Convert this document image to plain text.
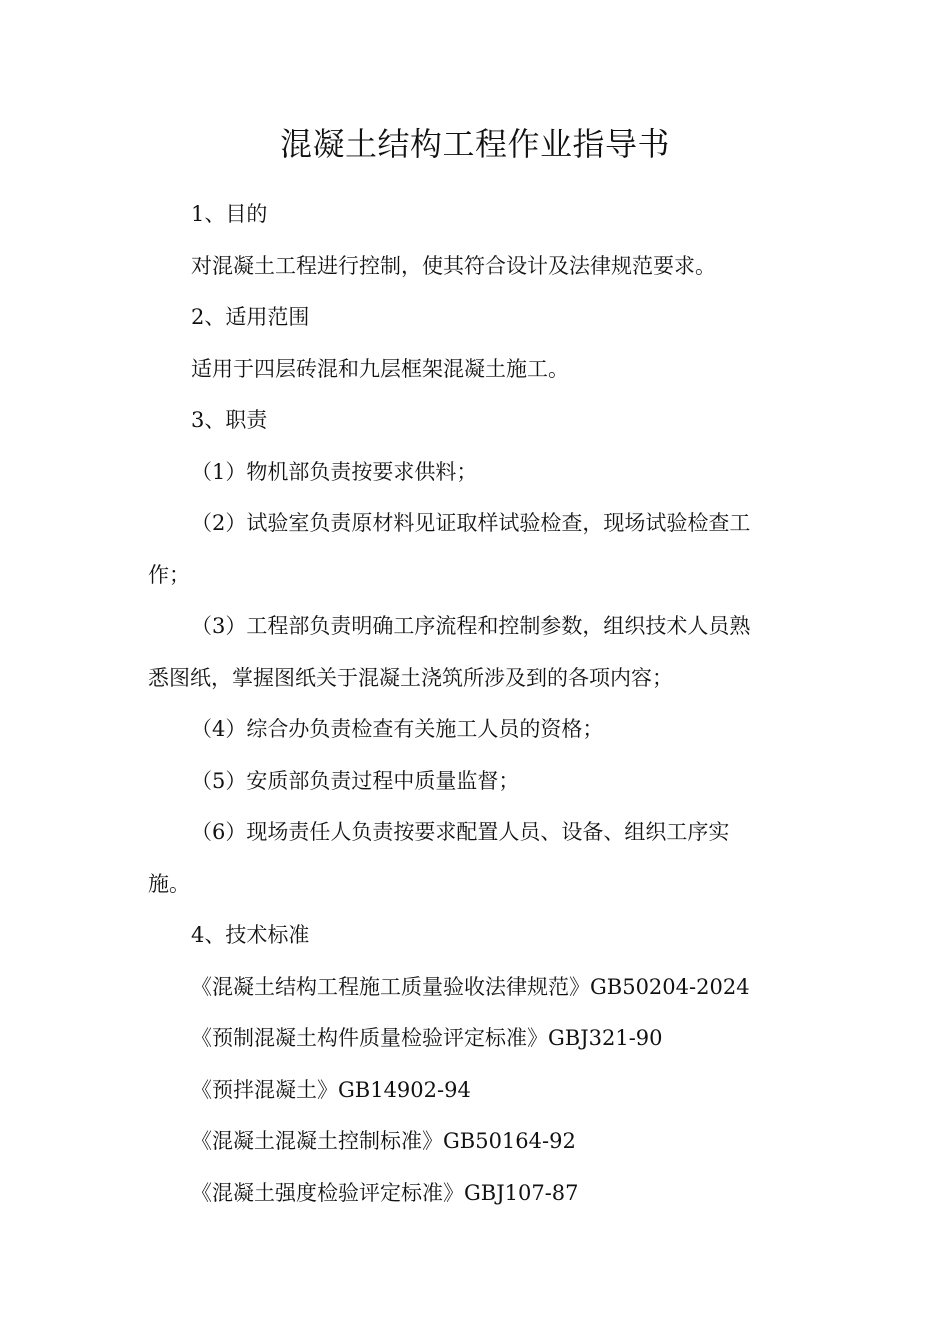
混凝土结构工程作业指导书

1、目的

对混凝土工程进行控制，使其符合设计及法律规范要求。

2、适用范围

适用于四层砖混和九层框架混凝土施工。

3、职责

（1）物机部负责按要求供料；

（2）试验室负责原材料见证取样试验检查，现场试验检查工

作；

（3）工程部负责明确工序流程和控制参数，组织技术人员熟

悉图纸，掌握图纸关于混凝土浇筑所涉及到的各项内容；

（4）综合办负责检查有关施工人员的资格；

（5）安质部负责过程中质量监督；

（6）现场责任人负责按要求配置人员、设备、组织工序实

施。

4、技术标准

《混凝土结构工程施工质量验收法律规范》GB50204-2024

《预制混凝土构件质量检验评定标准》GBJ321-90

《预拌混凝土》GB14902-94

《混凝土混凝土控制标准》GB50164-92

《混凝土强度检验评定标准》GBJ107-87
